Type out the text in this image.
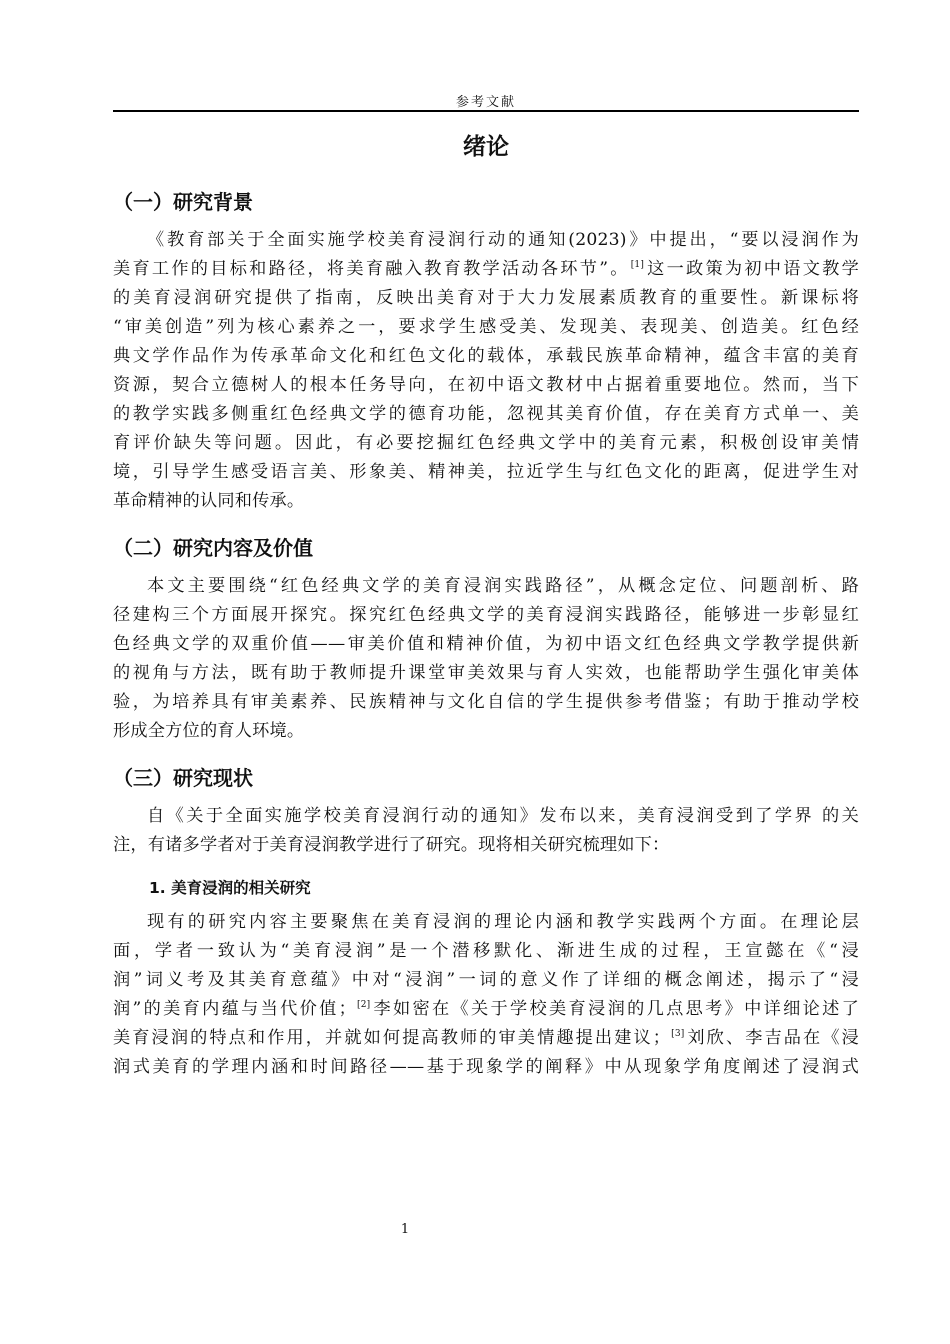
参考文献
绪论
（一）研究背景
《教育部关于全面实施学校美育浸润行动的通知(2023)》中提出，“要以浸润作为
美育工作的目标和路径，将美育融入教育教学活动各环节”。[1]这一政策为初中语文教学
的美育浸润研究提供了指南，反映出美育对于大力发展素质教育的重要性。新课标将
“审美创造”列为核心素养之一，要求学生感受美、发现美、表现美、创造美。红色经
典文学作品作为传承革命文化和红色文化的载体，承载民族革命精神，蕴含丰富的美育
资源，契合立德树人的根本任务导向，在初中语文教材中占据着重要地位。然而，当下
的教学实践多侧重红色经典文学的德育功能，忽视其美育价值，存在美育方式单一、美
育评价缺失等问题。因此，有必要挖掘红色经典文学中的美育元素，积极创设审美情
境，引导学生感受语言美、形象美、精神美，拉近学生与红色文化的距离，促进学生对
革命精神的认同和传承。
（二）研究内容及价值
本文主要围绕“红色经典文学的美育浸润实践路径”，从概念定位、问题剖析、路
径建构三个方面展开探究。探究红色经典文学的美育浸润实践路径，能够进一步彰显红
色经典文学的双重价值——审美价值和精神价值，为初中语文红色经典文学教学提供新
的视角与方法，既有助于教师提升课堂审美效果与育人实效，也能帮助学生强化审美体
验，为培养具有审美素养、民族精神与文化自信的学生提供参考借鉴；有助于推动学校
形成全方位的育人环境。
（三）研究现状
自《关于全面实施学校美育浸润行动的通知》发布以来，美育浸润受到了学界 的关
注，有诸多学者对于美育浸润教学进行了研究。现将相关研究梳理如下：
1. 美育浸润的相关研究
现有的研究内容主要聚焦在美育浸润的理论内涵和教学实践两个方面。在理论层
面，学者一致认为“美育浸润”是一个潜移默化、渐进生成的过程，王宣懿在《“浸
润”词义考及其美育意蕴》中对“浸润”一词的意义作了详细的概念阐述，揭示了“浸
润”的美育内蕴与当代价值；[2]李如密在《关于学校美育浸润的几点思考》中详细论述了
美育浸润的特点和作用，并就如何提高教师的审美情趣提出建议；[3]刘欣、李吉品在《浸
润式美育的学理内涵和时间路径——基于现象学的阐释》中从现象学角度阐述了浸润式
1
